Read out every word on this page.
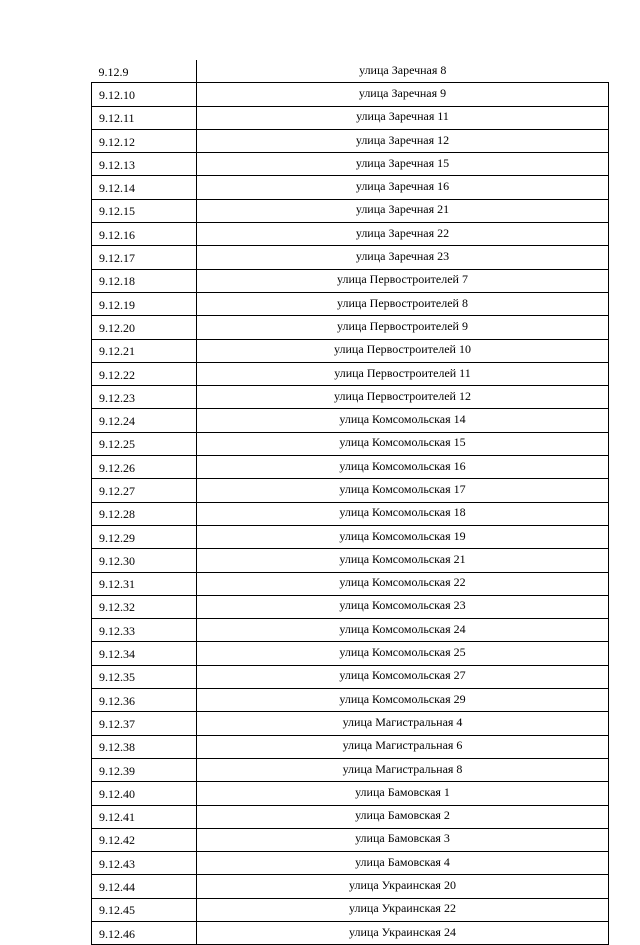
9.12.9	улица Заречная 8
9.12.10	улица Заречная 9
9.12.11	улица Заречная 11
9.12.12	улица Заречная 12
9.12.13	улица Заречная 15
9.12.14	улица Заречная 16
9.12.15	улица Заречная 21
9.12.16	улица Заречная 22
9.12.17	улица Заречная 23
9.12.18	улица Первостроителей 7
9.12.19	улица Первостроителей 8
9.12.20	улица Первостроителей 9
9.12.21	улица Первостроителей 10
9.12.22	улица Первостроителей 11
9.12.23	улица Первостроителей 12
9.12.24	улица Комсомольская 14
9.12.25	улица Комсомольская 15
9.12.26	улица Комсомольская 16
9.12.27	улица Комсомольская 17
9.12.28	улица Комсомольская 18
9.12.29	улица Комсомольская 19
9.12.30	улица Комсомольская 21
9.12.31	улица Комсомольская 22
9.12.32	улица Комсомольская 23
9.12.33	улица Комсомольская 24
9.12.34	улица Комсомольская 25
9.12.35	улица Комсомольская 27
9.12.36	улица Комсомольская 29
9.12.37	улица Магистральная 4
9.12.38	улица Магистральная 6
9.12.39	улица Магистральная 8
9.12.40	улица Бамовская 1
9.12.41	улица Бамовская 2
9.12.42	улица Бамовская 3
9.12.43	улица Бамовская 4
9.12.44	улица Украинская 20
9.12.45	улица Украинская 22
9.12.46	улица Украинская 24
